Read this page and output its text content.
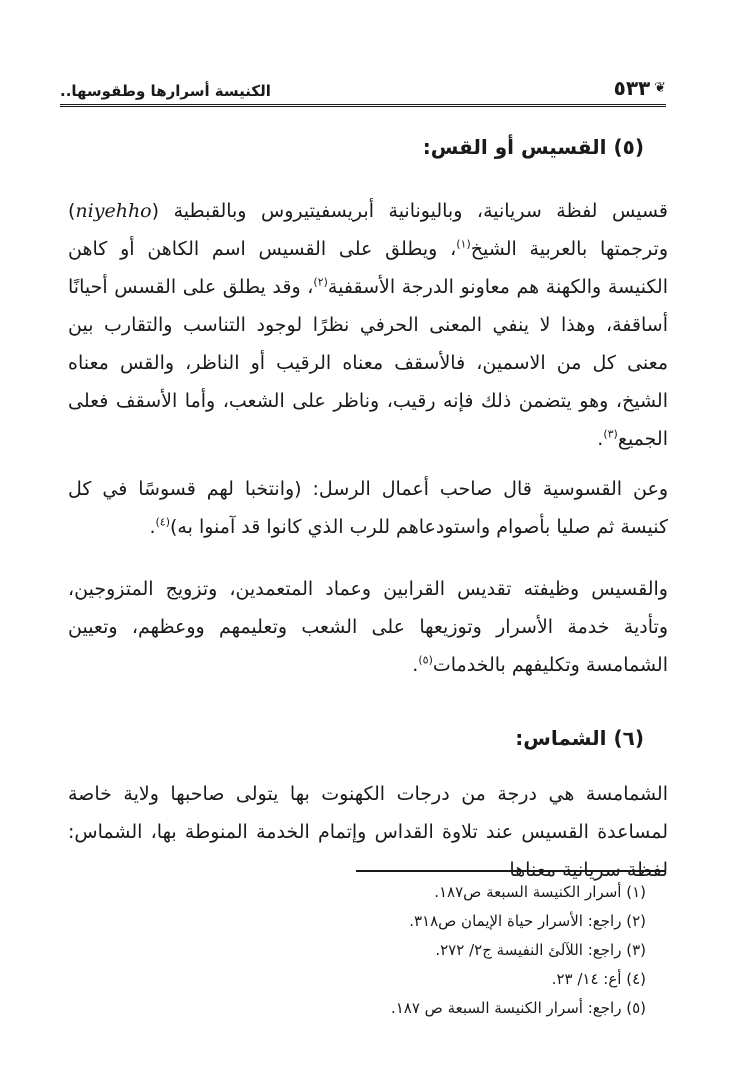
❦
٥٣٣
الكنيسة أسرارها وطقوسها..
(٥) القسيس أو القس:
قسيس لفظة سريانية، وباليونانية أبريسفيتيروس وبالقبطية (niyehho) وترجمتها بالعربية الشيخ$^{(١)}$، ويطلق على القسيس اسم الكاهن أو كاهن الكنيسة والكهنة هم معاونو الدرجة الأسقفية$^{(٢)}$، وقد يطلق على القسس أحيانًا أساقفة، وهذا لا ينفي المعنى الحرفي نظرًا لوجود التناسب والتقارب بين معنى كل من الاسمين، فالأسقف معناه الرقيب أو الناظر، والقس معناه الشيخ، وهو يتضمن ذلك فإنه رقيب، وناظر على الشعب، وأما الأسقف فعلى الجميع$^{(٣)}$.
وعن القسوسية قال صاحب أعمال الرسل: (وانتخبا لهم قسوسًا في كل كنيسة ثم صليا بأصوام واستودعاهم للرب الذي كانوا قد آمنوا به)$^{(٤)}$.
والقسيس وظيفته تقديس القرابين وعماد المتعمدين، وتزويج المتزوجين، وتأدية خدمة الأسرار وتوزيعها على الشعب وتعليمهم ووعظهم، وتعيين الشمامسة وتكليفهم بالخدمات$^{(٥)}$.
(٦) الشماس:
الشمامسة هي درجة من درجات الكهنوت بها يتولى صاحبها ولاية خاصة لمساعدة القسيس عند تلاوة القداس وإتمام الخدمة المنوطة بها، الشماس: لفظة سريانية معناها
(١) أسرار الكنيسة السبعة ص١٨٧.
(٢) راجع: الأسرار حياة الإيمان ص٣١٨.
(٣) راجع: اللآلئ النفيسة ج٢/ ٢٧٢.
(٤) أع: ١٤/ ٢٣.
(٥) راجع: أسرار الكنيسة السبعة ص ١٨٧.
